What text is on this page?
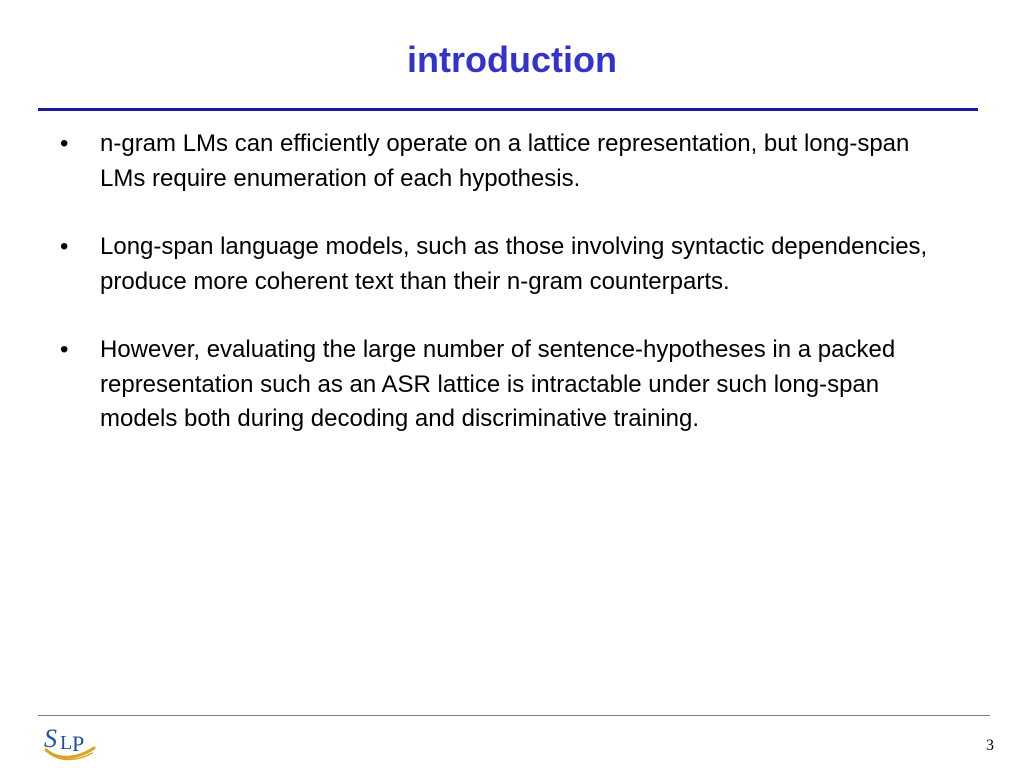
introduction
•	n-gram LMs can efficiently operate on a lattice representation, but long-span LMs require enumeration of each hypothesis.
•	Long-span language models, such as those involving syntactic dependencies, produce more coherent text than their n-gram counterparts.
•	However, evaluating the large number of sentence-hypotheses in a packed representation such as an ASR lattice is intractable under such long-span models both during decoding and discriminative training.
S L P	3
